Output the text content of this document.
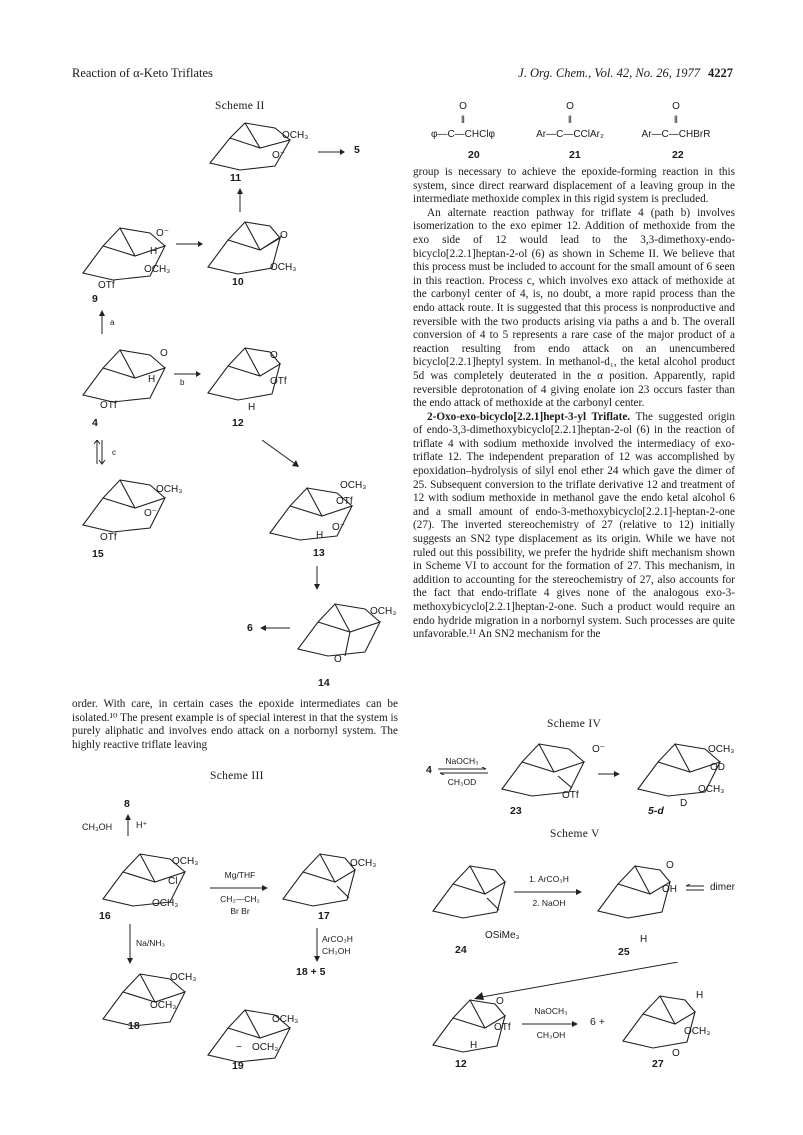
Reaction of α-Keto Triflates	J. Org. Chem., Vol. 42, No. 26, 1977 4227
Scheme II
OCH₃
O⁻
11
→ 5
O⁻
H
OCH₃
OTf
9
O
OCH₃
10
a
O
H
OTf
4
b
O
OTf
H
12
c
OCH₃
O⁻
OTf
15
OCH₃
OTf
H
O⁻
13
OCH₃
O
14
6

order. With care, in certain cases the epoxide intermediates can be isolated.¹⁰ The present example is of special interest in that the system is purely aliphatic and involves endo attack on a norbornyl system. The highly reactive triflate leaving

Scheme III
8
CH₃OH	H⁺
OCH₃
Cl
OCH₃
16
Mg/THF
CH₂—CH₂
Br Br
OCH₃
17
ArCO₃H
CH₃OH
18 + 5
Na/NH₃
OCH₃
OCH₃
18
OCH₃
− OCH₃
19
O
‖
φ—C—CHClφ
O
‖
Ar—C—CClAr₂
O
‖
Ar—C—CHBrR
20	21	22

group is necessary to achieve the epoxide-forming reaction in this system, since direct rearward displacement of a leaving group in the intermediate methoxide complex in this rigid system is precluded.

An alternate reaction pathway for triflate 4 (path b) involves isomerization to the exo epimer 12. Addition of methoxide from the exo side of 12 would lead to the 3,3-dimethoxy-endo-bicyclo[2.2.1]heptan-2-ol (6) as shown in Scheme II. We believe that this process must be included to account for the small amount of 6 seen in this reaction. Process c, which involves exo attack of methoxide at the carbonyl center of 4, is, no doubt, a more rapid process than the endo attack route. It is suggested that this process is nonproductive and reversible with the two products arising via paths a and b. The overall conversion of 4 to 5 represents a rare case of the major product of a reaction resulting from endo attack on an unencumbered bicyclo[2.2.1]heptyl system. In methanol-d₁, the ketal alcohol product 5d was completely deuterated in the α position. Apparently, rapid reversible deprotonation of 4 giving enolate ion 23 occurs faster than the endo attack of methoxide at the carbonyl center.

2-Oxo-exo-bicyclo[2.2.1]hept-3-yl Triflate. The suggested origin of endo-3,3-dimethoxybicyclo[2.2.1]heptan-2-ol (6) in the reaction of triflate 4 with sodium methoxide involved the intermediacy of exo-triflate 12. The independent preparation of 12 was accomplished by epoxidation–hydrolysis of silyl enol ether 24 which gave the dimer of 25. Subsequent conversion to the triflate derivative 12 and treatment of 12 with sodium methoxide in methanol gave the endo ketal alcohol 6 and a small amount of endo-3-methoxybicyclo[2.2.1]-heptan-2-one (27). The inverted stereochemistry of 27 (relative to 12) initially suggests an SN2 type displacement as its origin. While we have not ruled out this possibility, we prefer the hydride shift mechanism shown in Scheme VI to account for the formation of 27. This mechanism, in addition to accounting for the stereochemistry of 27, also accounts for the fact that endo-triflate 4 gives none of the analogous exo-3-methoxybicyclo[2.2.1]heptan-2-one. Such a product would require an endo hydride migration in a norbornyl system. Such processes are quite unfavorable.¹¹ An SN2 mechanism for the

Scheme IV
4
NaOCH₃
CH₃OD
O⁻
OTf
23
OCH₃
OD
OCH₃
D
5-d
Scheme V
OSiMe₃
24
1. ArCO₃H
2. NaOH
O
OH
H
25
dimer
O
OTf
H
12
NaOCH₃
CH₃OH
6 +
H
OCH₃
O
27
